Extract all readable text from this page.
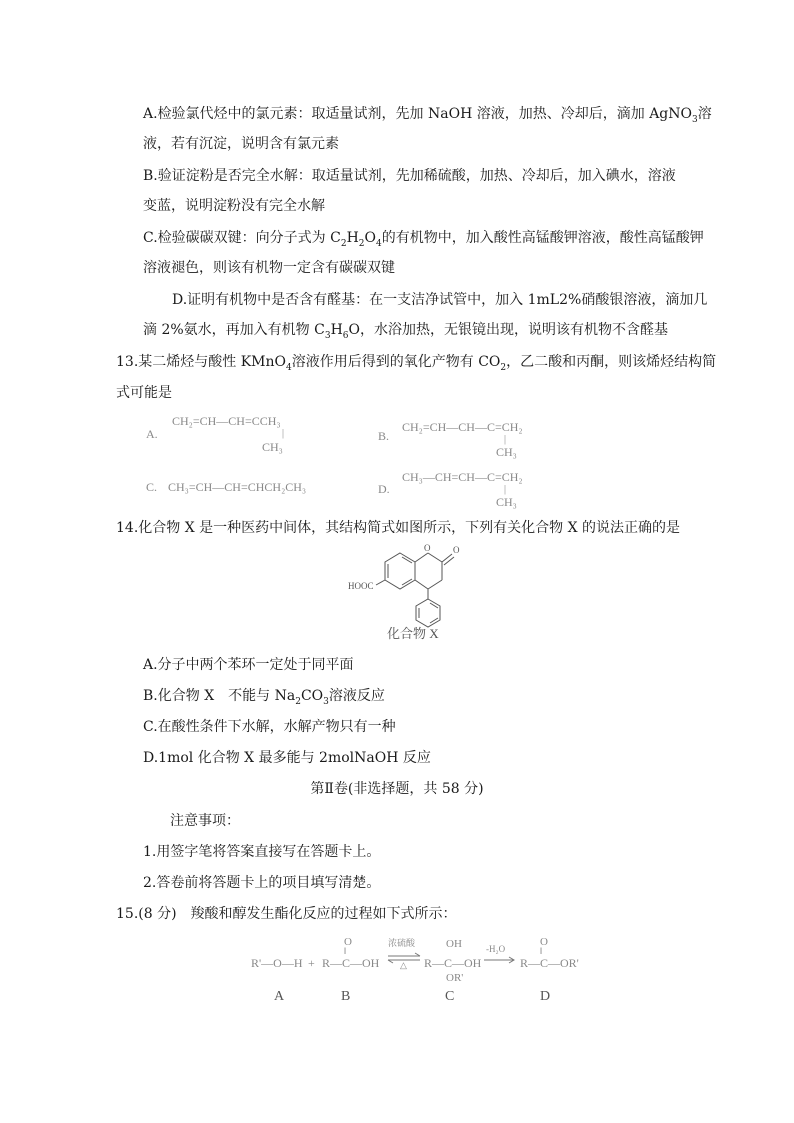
A.检验氯代烃中的氯元素：取适量试剂，先加 NaOH 溶液，加热、冷却后，滴加 AgNO$_3$溶
液，若有沉淀，说明含有氯元素
B.验证淀粉是否完全水解：取适量试剂，先加稀硫酸，加热、冷却后，加入碘水，溶液
变蓝，说明淀粉没有完全水解
C.检验碳碳双键：向分子式为 $C_2H_2O_4$的有机物中，加入酸性高锰酸钾溶液，酸性高锰酸钾
溶液褪色，则该有机物一定含有碳碳双键
D.证明有机物中是否含有醛基：在一支洁净试管中，加入 1mL2%硝酸银溶液，滴加几
滴 2%氨水，再加入有机物 $C_3H_6O$，水浴加热，无银镜出现，说明该有机物不含醛基
13.某二烯烃与酸性 KMnO$_4$溶液作用后得到的氧化产物有 $CO_2$，乙二酸和丙酮，则该烯烃结构简
式可能是
A.
CH₂=CH—CH=CCH₃
|
CH₃
B.
CH₂=CH—CH—C=CH₂
|
CH₃
C. CH₃=CH—CH=CHCH₂CH₃	D.
CH₃—CH=CH—C=CH₂
|
CH₃
14.化合物 X 是一种医药中间体，其结构简式如图所示，下列有关化合物 X 的说法正确的是
O	O
HOOC
化合物 X
A.分子中两个苯环一定处于同平面
B.化合物 X　不能与 $Na_2CO_3$溶液反应
C.在酸性条件下水解，水解产物只有一种
D.1mol 化合物 X 最多能与 2molNaOH 反应
第Ⅱ卷(非选择题，共 58 分)
注意事项：
1.用签字笔将答案直接写在答题卡上。
2.答卷前将答题卡上的项目填写清楚。
15.(8 分)　羧酸和醇发生酯化反应的过程如下式所示：
R'—O—H + R—C—OH
O
‖
浓硫酸
△ R—C—OH
OH
OR'
-H₂O
R—C—OR'
O
‖
A	B	C	D
